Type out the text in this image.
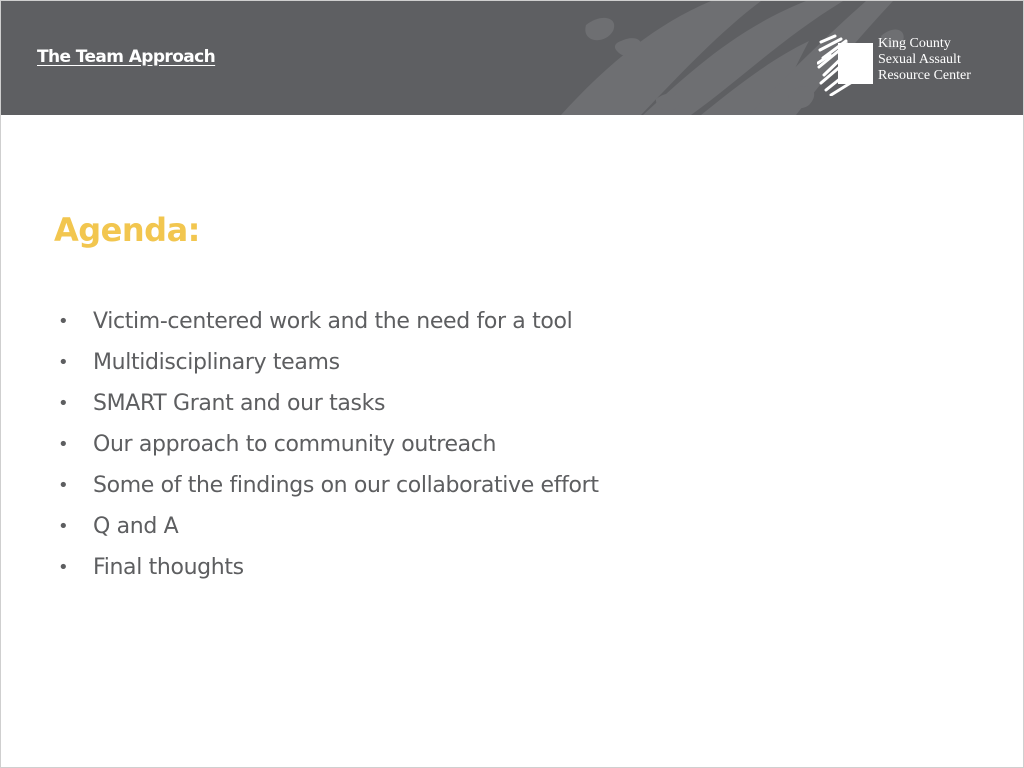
The Team Approach
King County
Sexual Assault
Resource Center
Agenda:
• Victim-centered work and the need for a tool
• Multidisciplinary teams
• SMART Grant and our tasks
• Our approach to community outreach
• Some of the findings on our collaborative effort
• Q and A
• Final thoughts
